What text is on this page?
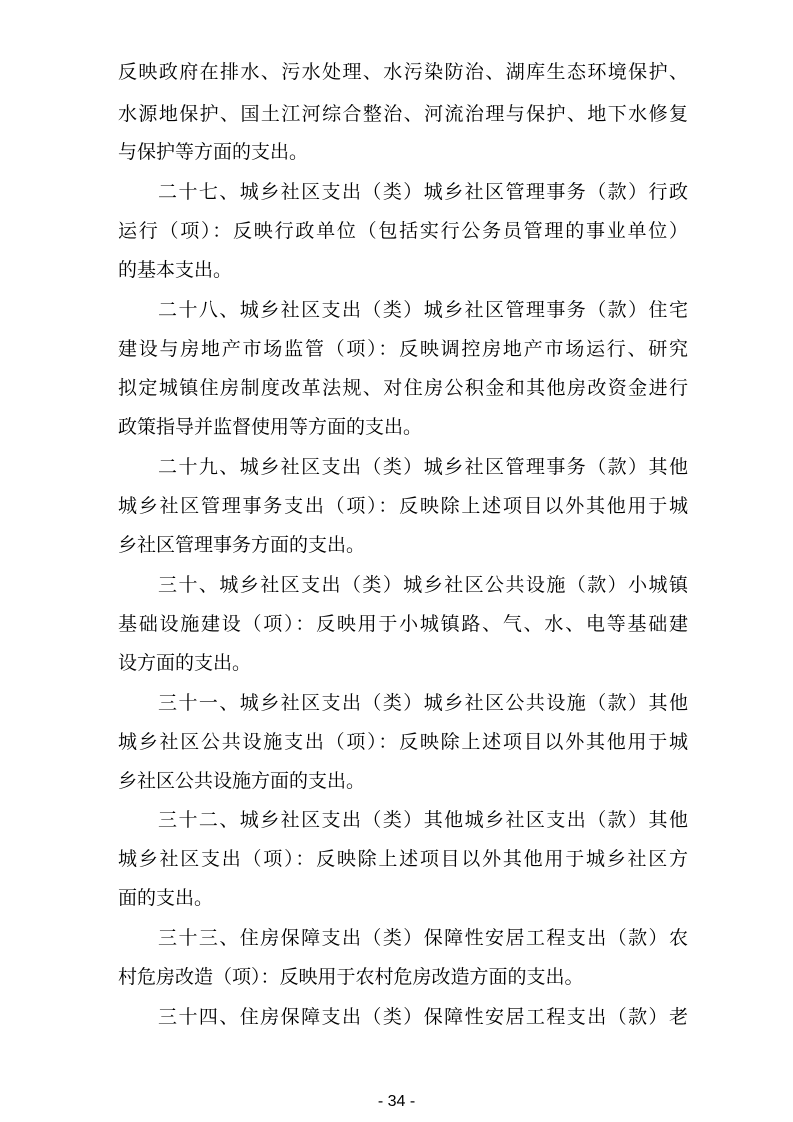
反映政府在排水、污水处理、水污染防治、湖库生态环境保护、
水源地保护、国土江河综合整治、河流治理与保护、地下水修复
与保护等方面的支出。
二十七、城乡社区支出（类）城乡社区管理事务（款）行政
运行（项）：反映行政单位（包括实行公务员管理的事业单位）
的基本支出。
二十八、城乡社区支出（类）城乡社区管理事务（款）住宅
建设与房地产市场监管（项）：反映调控房地产市场运行、研究
拟定城镇住房制度改革法规、对住房公积金和其他房改资金进行
政策指导并监督使用等方面的支出。
二十九、城乡社区支出（类）城乡社区管理事务（款）其他
城乡社区管理事务支出（项）：反映除上述项目以外其他用于城
乡社区管理事务方面的支出。
三十、城乡社区支出（类）城乡社区公共设施（款）小城镇
基础设施建设（项）：反映用于小城镇路、气、水、电等基础建
设方面的支出。
三十一、城乡社区支出（类）城乡社区公共设施（款）其他
城乡社区公共设施支出（项）：反映除上述项目以外其他用于城
乡社区公共设施方面的支出。
三十二、城乡社区支出（类）其他城乡社区支出（款）其他
城乡社区支出（项）：反映除上述项目以外其他用于城乡社区方
面的支出。
三十三、住房保障支出（类）保障性安居工程支出（款）农
村危房改造（项）：反映用于农村危房改造方面的支出。
三十四、住房保障支出（类）保障性安居工程支出（款）老
- 34 -
